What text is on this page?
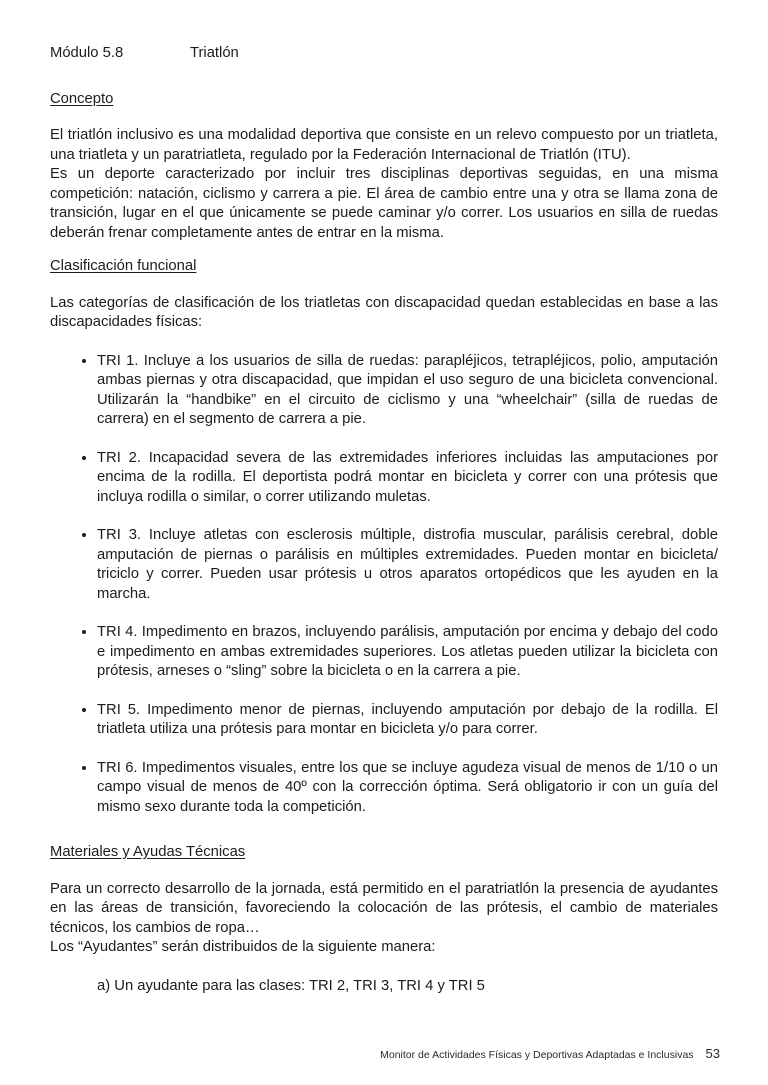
Módulo 5.8	Triatlón
Concepto

El triatlón inclusivo es una modalidad deportiva que consiste en un relevo compuesto por un triatleta, una triatleta y un paratriatleta, regulado por la Federación Internacional de Triatlón (ITU).

Es un deporte caracterizado por incluir tres disciplinas deportivas seguidas, en una misma competición: natación, ciclismo y carrera a pie. El área de cambio entre una y otra se llama zona de transición, lugar en el que únicamente se puede caminar y/o correr. Los usuarios en silla de ruedas deberán frenar completamente antes de entrar en la misma.

Clasificación funcional

Las categorías de clasificación de los triatletas con discapacidad quedan establecidas en base a las discapacidades físicas:

• TRI 1. Incluye a los usuarios de silla de ruedas: parapléjicos, tetrapléjicos, polio, amputación ambas piernas y otra discapacidad, que impidan el uso seguro de una bicicleta convencional. Utilizarán la “handbike” en el circuito de ciclismo y una “wheelchair” (silla de ruedas de carrera) en el segmento de carrera a pie.
• TRI 2. Incapacidad severa de las extremidades inferiores incluidas las amputaciones por encima de la rodilla. El deportista podrá montar en bicicleta y correr con una prótesis que incluya rodilla o similar, o correr utilizando muletas.
• TRI 3. Incluye atletas con esclerosis múltiple, distrofia muscular, parálisis cerebral, doble amputación de piernas o parálisis en múltiples extremidades. Pueden montar en bicicleta/ triciclo y correr. Pueden usar prótesis u otros aparatos ortopédicos que les ayuden en la marcha.
• TRI 4. Impedimento en brazos, incluyendo parálisis, amputación por encima y debajo del codo e impedimento en ambas extremidades superiores. Los atletas pueden utilizar la bicicleta con prótesis, arneses o “sling” sobre la bicicleta o en la carrera a pie.
• TRI 5. Impedimento menor de piernas, incluyendo amputación por debajo de la rodilla. El triatleta utiliza una prótesis para montar en bicicleta y/o para correr.
• TRI 6. Impedimentos visuales, entre los que se incluye agudeza visual de menos de 1/10 o un campo visual de menos de 40º con la corrección óptima. Será obligatorio ir con un guía del mismo sexo durante toda la competición.
Materiales y Ayudas Técnicas

Para un correcto desarrollo de la jornada, está permitido en el paratriatlón la presencia de ayudantes en las áreas de transición, favoreciendo la colocación de las prótesis, el cambio de materiales técnicos, los cambios de ropa…

Los “Ayudantes” serán distribuidos de la siguiente manera:

a) Un ayudante para las clases: TRI 2, TRI 3, TRI 4 y TRI 5
Monitor de Actividades Físicas y Deportivas Adaptadas e Inclusivas 53
